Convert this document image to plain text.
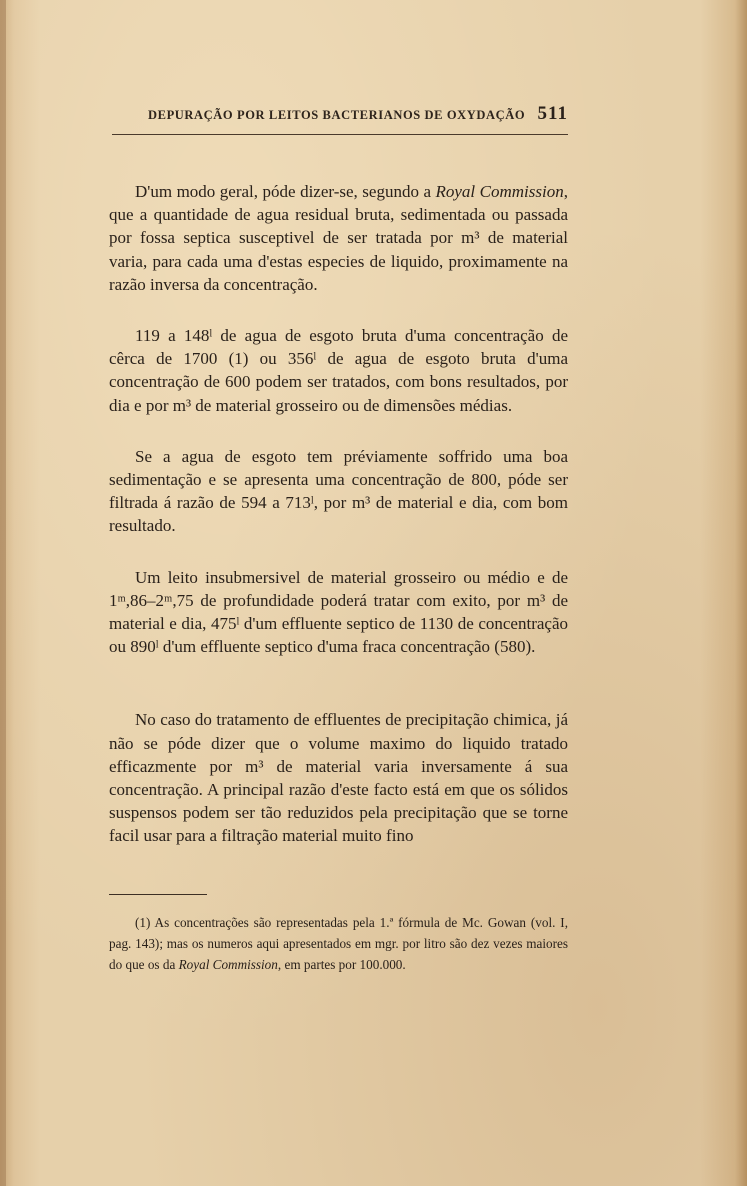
DEPURAÇÃO POR LEITOS BACTERIANOS DE OXYDAÇÃO 511

D'um modo geral, póde dizer-se, segundo a Royal Commission, que a quantidade de agua residual bruta, sedimentada ou passada por fossa septica susceptivel de ser tratada por m³ de material varia, para cada uma d'estas especies de liquido, proximamente na razão inversa da concentração.

119 a 148ˡ de agua de esgoto bruta d'uma concentração de cêrca de 1700 (1) ou 356ˡ de agua de esgoto bruta d'uma concentração de 600 podem ser tratados, com bons resultados, por dia e por m³ de material grosseiro ou de dimensões médias.

Se a agua de esgoto tem préviamente soffrido uma boa sedimentação e se apresenta uma concentração de 800, póde ser filtrada á razão de 594 a 713ˡ, por m³ de material e dia, com bom resultado.

Um leito insubmersivel de material grosseiro ou médio e de 1ᵐ,86–2ᵐ,75 de profundidade poderá tratar com exito, por m³ de material e dia, 475ˡ d'um effluente septico de 1130 de concentração ou 890ˡ d'um effluente septico d'uma fraca concentração (580).

No caso do tratamento de effluentes de precipitação chimica, já não se póde dizer que o volume maximo do liquido tratado efficazmente por m³ de material varia inversamente á sua concentração. A principal razão d'este facto está em que os sólidos suspensos podem ser tão reduzidos pela precipitação que se torne facil usar para a filtração material muito fino

(1) As concentrações são representadas pela 1.ª fórmula de Mc. Gowan (vol. I, pag. 143); mas os numeros aqui apresentados em mgr. por litro são dez vezes maiores do que os da Royal Commission, em partes por 100.000.
